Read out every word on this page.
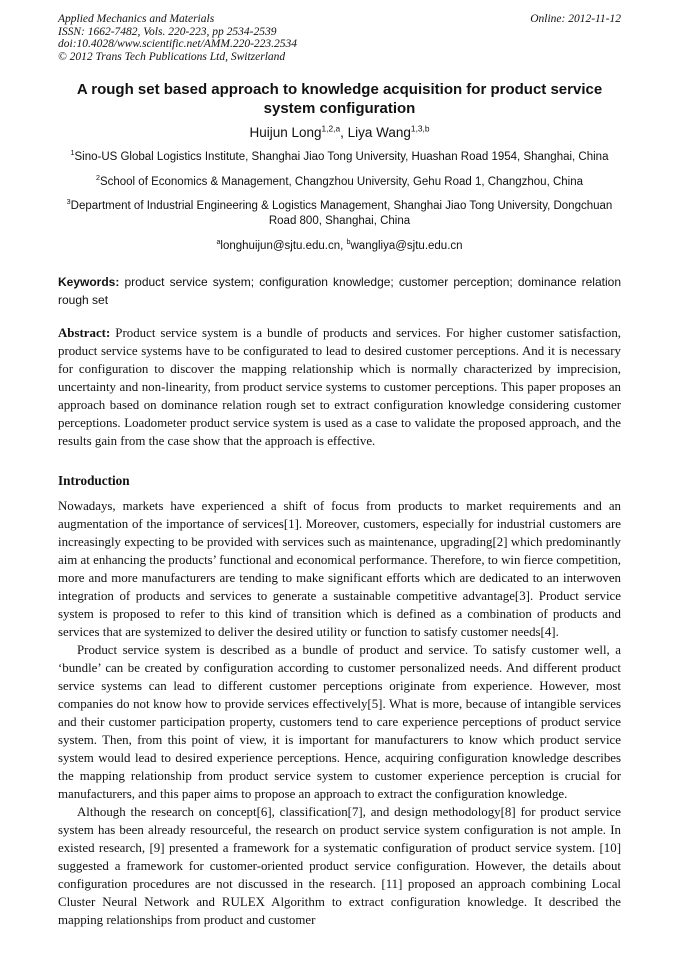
Applied Mechanics and Materials	Online: 2012-11-12
ISSN: 1662-7482, Vols. 220-223, pp 2534-2539
doi:10.4028/www.scientific.net/AMM.220-223.2534
© 2012 Trans Tech Publications Ltd, Switzerland
A rough set based approach to knowledge acquisition for product service system configuration
Huijun Long$^{1,2,a}$, Liya Wang$^{1,3,b}$
$^1$Sino-US Global Logistics Institute, Shanghai Jiao Tong University, Huashan Road 1954, Shanghai, China
$^2$School of Economics & Management, Changzhou University, Gehu Road 1, Changzhou, China
$^3$Department of Industrial Engineering & Logistics Management, Shanghai Jiao Tong University, Dongchuan Road 800, Shanghai, China
$^a$longhuijun@sjtu.edu.cn, $^b$wangliya@sjtu.edu.cn

Keywords: product service system; configuration knowledge; customer perception; dominance relation rough set

Abstract: Product service system is a bundle of products and services. For higher customer satisfaction, product service systems have to be configurated to lead to desired customer perceptions. And it is necessary for configuration to discover the mapping relationship which is normally characterized by imprecision, uncertainty and non-linearity, from product service systems to customer perceptions. This paper proposes an approach based on dominance relation rough set to extract configuration knowledge considering customer perceptions. Loadometer product service system is used as a case to validate the proposed approach, and the results gain from the case show that the approach is effective.

Introduction

Nowadays, markets have experienced a shift of focus from products to market requirements and an augmentation of the importance of services[1]. Moreover, customers, especially for industrial customers are increasingly expecting to be provided with services such as maintenance, upgrading[2] which predominantly aim at enhancing the products’ functional and economical performance. Therefore, to win fierce competition, more and more manufacturers are tending to make significant efforts which are dedicated to an interwoven integration of products and services to generate a sustainable competitive advantage[3]. Product service system is proposed to refer to this kind of transition which is defined as a combination of products and services that are systemized to deliver the desired utility or function to satisfy customer needs[4].

Product service system is described as a bundle of product and service. To satisfy customer well, a ‘bundle’ can be created by configuration according to customer personalized needs. And different product service systems can lead to different customer perceptions originate from experience. However, most companies do not know how to provide services effectively[5]. What is more, because of intangible services and their customer participation property, customers tend to care experience perceptions of product service system. Then, from this point of view, it is important for manufacturers to know which product service system would lead to desired experience perceptions. Hence, acquiring configuration knowledge describes the mapping relationship from product service system to customer experience perception is crucial for manufacturers, and this paper aims to propose an approach to extract the configuration knowledge.

Although the research on concept[6], classification[7], and design methodology[8] for product service system has been already resourceful, the research on product service system configuration is not ample. In existed research, [9] presented a framework for a systematic configuration of product service system. [10] suggested a framework for customer-oriented product service configuration. However, the details about configuration procedures are not discussed in the research. [11] proposed an approach combining Local Cluster Neural Network and RULEX Algorithm to extract configuration knowledge. It described the mapping relationships from product and customer
